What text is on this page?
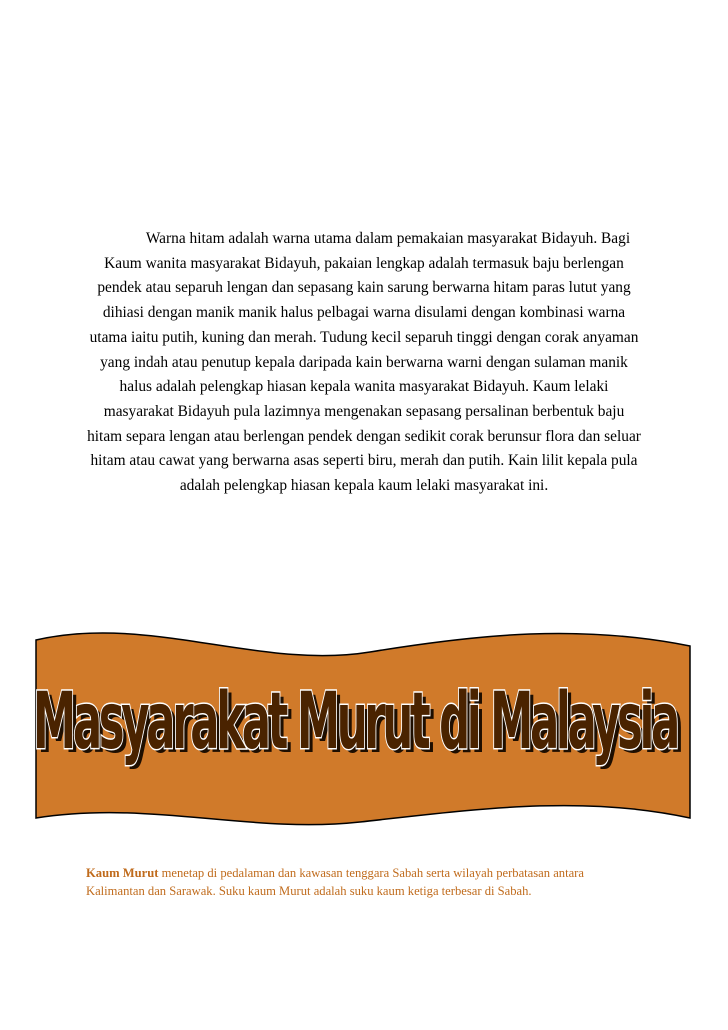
Warna hitam adalah warna utama dalam pemakaian masyarakat Bidayuh. Bagi Kaum wanita masyarakat Bidayuh, pakaian lengkap adalah termasuk baju berlengan pendek atau separuh lengan dan sepasang kain sarung berwarna hitam paras lutut yang dihiasi dengan manik manik halus pelbagai warna disulami dengan kombinasi warna utama iaitu putih, kuning dan merah. Tudung kecil separuh tinggi dengan corak anyaman yang indah atau penutup kepala daripada kain berwarna warni dengan sulaman manik halus adalah pelengkap hiasan kepala wanita masyarakat Bidayuh. Kaum lelaki masyarakat Bidayuh pula lazimnya mengenakan sepasang persalinan berbentuk baju hitam separa lengan atau berlengan pendek dengan sedikit corak berunsur flora dan seluar hitam atau cawat yang berwarna asas seperti biru, merah dan putih. Kain lilit kepala pula adalah pelengkap hiasan kepala kaum lelaki masyarakat ini.

Masyarakat Murut di Malaysia
Masyarakat Murut di Malaysia

Kaum Murut menetap di pedalaman dan kawasan tenggara Sabah serta wilayah perbatasan antara Kalimantan dan Sarawak. Suku kaum Murut adalah suku kaum ketiga terbesar di Sabah.
